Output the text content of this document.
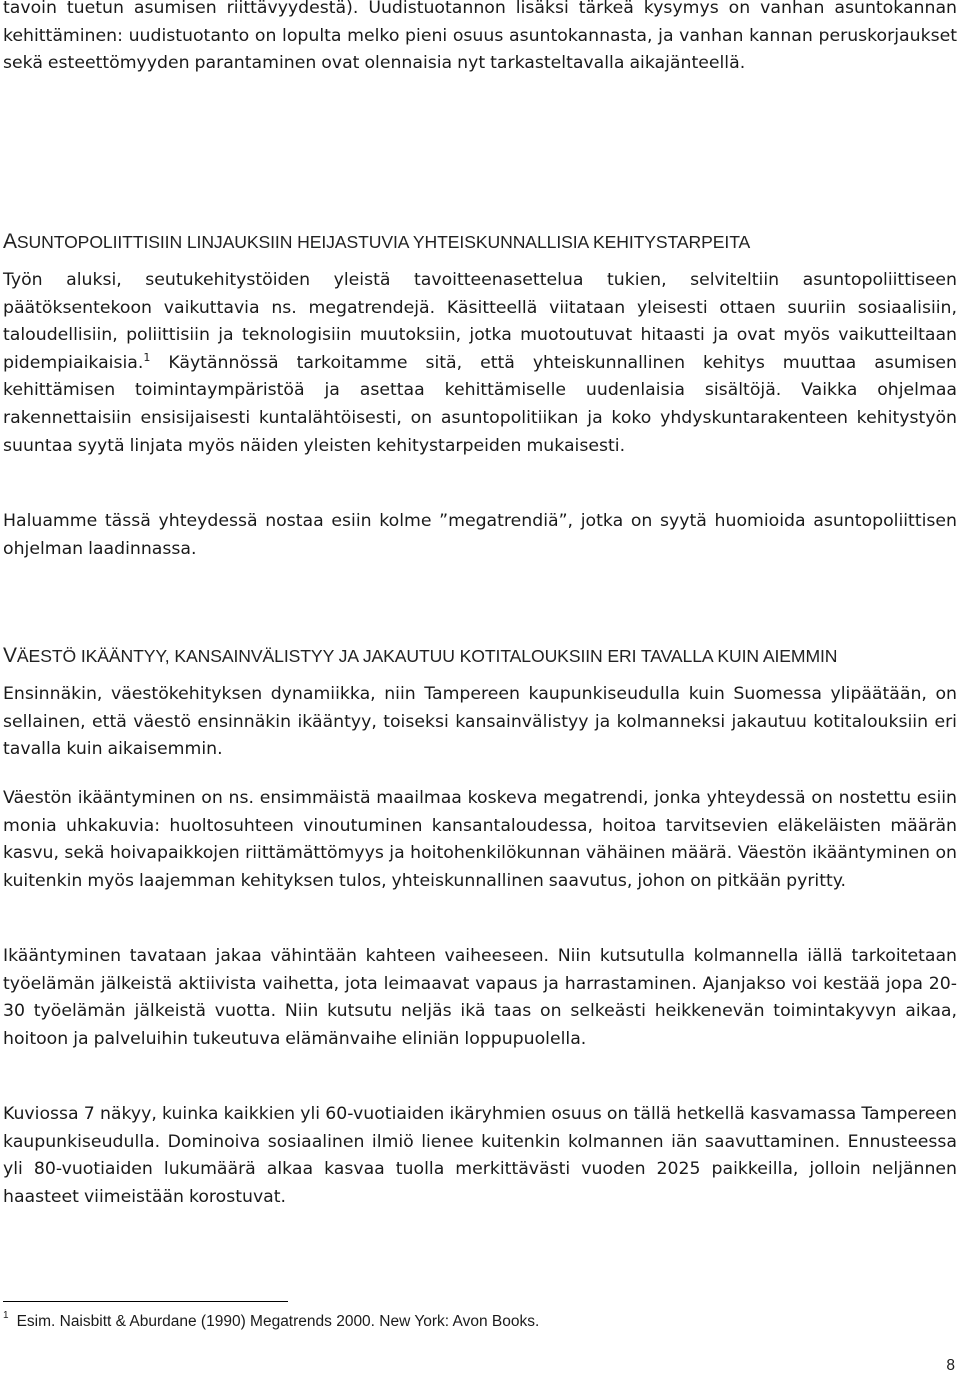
tavoin tuetun asumisen riittävyydestä). Uudistuotannon lisäksi tärkeä kysymys on vanhan asuntokannan kehittäminen: uudistuotanto on lopulta melko pieni osuus asuntokannasta, ja vanhan kannan peruskorjaukset sekä esteettömyyden parantaminen ovat olennaisia nyt tarkasteltavalla aikajänteellä.

ASUNTOPOLIITTISIIN LINJAUKSIIN HEIJASTUVIA YHTEISKUNNALLISIA KEHITYSTARPEITA

Työn aluksi, seutukehitystöiden yleistä tavoitteenasettelua tukien, selviteltiin asuntopoliittiseen päätöksentekoon vaikuttavia ns. megatrendejä. Käsitteellä viitataan yleisesti ottaen suuriin sosiaalisiin, taloudellisiin, poliittisiin ja teknologisiin muutoksiin, jotka muotoutuvat hitaasti ja ovat myös vaikutteiltaan pidempiaikaisia.$^1$ Käytännössä tarkoitamme sitä, että yhteiskunnallinen kehitys muuttaa asumisen kehittämisen toimintaympäristöä ja asettaa kehittämiselle uudenlaisia sisältöjä. Vaikka ohjelmaa rakennettaisiin ensisijaisesti kuntalähtöisesti, on asuntopolitiikan ja koko yhdyskuntarakenteen kehitystyön suuntaa syytä linjata myös näiden yleisten kehitystarpeiden mukaisesti.

Haluamme tässä yhteydessä nostaa esiin kolme ”megatrendiä”, jotka on syytä huomioida asuntopoliittisen ohjelman laadinnassa.

VÄESTÖ IKÄÄNTYY, KANSAINVÄLISTYY JA JAKAUTUU KOTITALOUKSIIN ERI TAVALLA KUIN AIEMMIN

Ensinnäkin, väestökehityksen dynamiikka, niin Tampereen kaupunkiseudulla kuin Suomessa ylipäätään, on sellainen, että väestö ensinnäkin ikääntyy, toiseksi kansainvälistyy ja kolmanneksi jakautuu kotitalouksiin eri tavalla kuin aikaisemmin.

Väestön ikääntyminen on ns. ensimmäistä maailmaa koskeva megatrendi, jonka yhteydessä on nostettu esiin monia uhkakuvia: huoltosuhteen vinoutuminen kansantaloudessa, hoitoa tarvitsevien eläkeläisten määrän kasvu, sekä hoivapaikkojen riittämättömyys ja hoitohenkilökunnan vähäinen määrä. Väestön ikääntyminen on kuitenkin myös laajemman kehityksen tulos, yhteiskunnallinen saavutus, johon on pitkään pyritty.

Ikääntyminen tavataan jakaa vähintään kahteen vaiheeseen. Niin kutsutulla kolmannella iällä tarkoitetaan työelämän jälkeistä aktiivista vaihetta, jota leimaavat vapaus ja harrastaminen. Ajanjakso voi kestää jopa 20-30 työelämän jälkeistä vuotta. Niin kutsutu neljäs ikä taas on selkeästi heikkenevän toimintakyvyn aikaa, hoitoon ja palveluihin tukeutuva elämänvaihe eliniän loppupuolella.

Kuviossa 7 näkyy, kuinka kaikkien yli 60-vuotiaiden ikäryhmien osuus on tällä hetkellä kasvamassa Tampereen kaupunkiseudulla. Dominoiva sosiaalinen ilmiö lienee kuitenkin kolmannen iän saavuttaminen. Ennusteessa yli 80-vuotiaiden lukumäärä alkaa kasvaa tuolla merkittävästi vuoden 2025 paikkeilla, jolloin neljännen haasteet viimeistään korostuvat.

$^1$ Esim. Naisbitt & Aburdane (1990) Megatrends 2000. New York: Avon Books.
8
